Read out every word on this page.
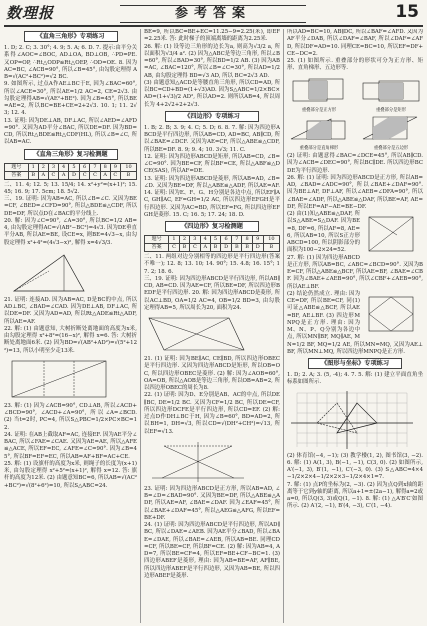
数理报	参考答案	15
《直角三角形》专项练习
1. D; 2. C; 3. 30°; 4. 9; 5. A; 6. D. 7. 提示:由平分关系得∠AOC=∠BOC, AD⊥OA, BD⊥OB, ∴PD=PE. 又OP=OP, ∴Rt△ODP≌Rt△OEP, ∴OD=OE. 8. 因为 AC=BC, ∠ACB=90°, 所以∠B=45°, 由勾股定理得 AB=√(AC²+BC²)=√2 BC.
9. 如图所示, 过点A作AE⊥BC于E, 因为∠BAC=60°, 所以∠ACE=30°, 所以AE=1/2 AC=2, CE=2√3. 由勾股定理得AB=√(AE²+BE²). 因为∠B=45°, 所以BE=AE=2, 所以BC=BE+CE=2+2√3. 10. 1; 11. 2√3; 12. 4.
13. 证明: 因为DE⊥AB, DF⊥AC, 所以∠AED=∠AFD=90°. 又因为AD平分∠BAC, 所以DE=DF. 因为BD=CD, 所以Rt△BDE≌Rt△CDF(HL), 所以∠B=∠C, 所以AB=AC.
《直角三角形》复习检测题
题号	1	2	3	4	5	6	7	8	9	10
答案	B	A	C	A	D	C	C	A	C	B
二、11. 4; 12. 5; 13. 15/4; 14. x²+y²=(x+1)²; 15. 45; 16. 9; 17. 5cm; 18. 5√2.
三、19. 证明: 因为AB=AC, 所以∠B=∠C. 又因为BE=CF, ∠BED=∠CFD=90°, 所以△BDE≌△CDF, 所以DE=DF, 所以点D在∠BAC的平分线上.
20. 解: 因为∠C=90°, ∠A=30°, 所以BC=1/2 AB=4, 由勾股定理得AC=√(AB²−BC²)=4√3. 因为DE垂直平分AB, 所以AE=BE, 设CE=x, 则BE=4√3−x, 由勾股定理得 x²+4²=(4√3−x)², 解得 x=4√3/3.
21. 证明: 连接AD. 因为AB=AC, D是BC的中点, 所以AD⊥BC, ∠BAD=∠CAD. 因为DE⊥AB, DF⊥AC, 所以DE=DF. 又因为AD=AD, 所以Rt△ADE≌Rt△ADF, 所以AE=AF.
22. 解: (1) 由题意知, 大树折断处离地面的高度为x米, 由勾股定理得 x²+8²=(16−x)², 解得 x=6. 答: 大树折断处离地面6米. (2) 因为BD=√(AB²+AD²)=√(5²+12²)=13, 所以小明至少走13米.
23. 解: (1) 因为∠ACB=90°, CD⊥AB, 所以∠ACD+∠BCD=90°, ∠ACD+∠A=90°, 所以∠A=∠BCD. (2) 当t=2时, PC=4, 所以S△PBC=1/2×PC×BC=12.
24. 证明: 在AB上截取AF=AC, 连接EF. 因为AE平分∠BAC, 所以∠FAE=∠CAE. 又因为AE=AE, 所以△AFE≌△ACE, 所以EF=EC, ∠AFE=∠C=90°. 因为∠B=45°, 所以BF=EF=EC, 所以AB=AF+BF=AC+CE.
25. 解: (1) 设旗杆的高度为x米, 则绳子的长度为(x+1)米, 由勾股定理得 x²+5²=(x+1)², 解得 x=12. 答: 旗杆的高度为12米. (2) 由题意知BC=6, 所以AB=√(AC²+BC²)=√(8²+6²)=10, 所以S△ABC=24.
BE=9, 所以BC=BE+EC=11.25−9=2.25(米), 即EF=2.25米. 答: 此时梯子的顶端离墙的距离为2.25米.
26. 解: (1) 设等边三角形的边长为a, 则高为√3/2 a, 所以面积为√3/4 a². (2) 因为△ABC是等边三角形, 所以∠B=60°, 所以∠BAD=30°, 所以BD=1/2 AB. (3) 因为AB=AC, ∠BAC=120°, 所以∠B=∠C=30°, 所以AD=1/2 AB, 由勾股定理得 BD=√3 AD, 所以 BC=2√3 AD.
(3) 由题意知△ACD是等腰直角三角形, 所以CD=AD, 所以BC=CD+BD=(1+√3)AD. 因为S△ABC=1/2×BC×AD=(1+√3)/2 AD², 所以AD=2. 则所以AB=4, 所以周长为 4+2√2+2+2√3.
《四边形》专项练习
1. B; 2. B; 3. 9; 4. C; 5. D; 6. 8. 7. 解: 因为四边形ABCD是平行四边形, 所以AB=CD, AD=BC, AB∥CD, 所以∠BAE=∠DCF. 又因为AE=CF, 所以△ABE≌△CDF, 所以BE=DF. 8. 9; 9. 4; 10. 3√3; 11. C.
12. 证明: 因为四边形ABCD是矩形, 所以AB=CD, ∠B=∠C=90°. 因为BE=CF, 所以BF=CE, 所以△ABF≌△DCE(SAS), 所以AF=DE.
13. 证明: 因为四边形ABCD是菱形, 所以AB=AD, ∠B=∠D. 又因为BE=DF, 所以△ABE≌△ADF, 所以AE=AF. 14. 证明: 因为E、F、G、H分别是各边中点, 所以EF∥AC, GH∥AC, EF=GH=1/2 AC, 所以四边形EFGH是平行四边形. 又因为AC=BD, 所以EF=FG, 所以四边形EFGH是菱形. 15. C; 16. 5; 17. 24; 18. D.
《四边形》复习检测题
题号	1	2	3	4	5	6	7	8	9	10
答案	C	B	C	A	B	D	B	B	D	B
二、11. 两组对边分别相等的四边形是平行四边形(答案不唯一); 12. 8; 13. 10; 14. 90°; 15. 4.8; 16. 15°; 17. 2; 18. 6.
三、19. 证明: 因为四边形ABCD是平行四边形, 所以AB∥CD, AB=CD. 因为AE=CF, 所以BE=DF, 所以四边形BEDF是平行四边形. 20. 解: 因为四边形ABCD是菱形, 所以AC⊥BD, OA=1/2 AC=4, OB=1/2 BD=3, 由勾股定理得AB=5, 所以周长为20, 面积为24.
21. (1) 证明: 因为BE∥AC, CE∥BD, 所以四边形OBEC是平行四边形. 又因为四边形ABCD是矩形, 所以OB=OC, 所以四边形OBEC是菱形. (2) 解: 因为∠AOB=60°, OA=OB, 所以△AOB是等边三角形, 所以OB=AB=2, 所以四边形OBEC的周长为8.
22. (1) 证明: 因为D、E分别是AB、AC的中点, 所以DE∥BC, DE=1/2 BC. 又因为CF=1/2 BC, 所以DE=CF, 所以四边形DCFE是平行四边形, 所以CD=EF. (2) 解: 过点D作DH⊥BC于H, 因为∠B=60°, BD=AD=2, 所以BH=1, DH=√3, 所以CD=√(DH²+CH²)=√13, 所以EF=√13.
23. 证明: 因为四边形ABCD是正方形, 所以AB=AD, ∠B=∠D=∠BAD=90°. 又因为BE=DF, 所以△ABE≌△ADF, 所以AE=AF, ∠BAE=∠DAF. 因为∠EAF=45°, 所以∠BAE+∠DAF=45°, 所以△AEG≌△AFG, 所以EF=BE+DF.
24. (1) 证明: 因为四边形ABCD是平行四边形, 所以AD∥BC, 所以∠DAE=∠AEB. 因为AE平分∠BAD, 所以∠BAE=∠DAE, 所以∠BAE=∠AEB, 所以AB=BE. 同理CD=CF, 所以BE=CF, 所以BF=CE. (2) 解: 因为AB=4, AD=7, 所以BE=CF=4, 所以EF=BE+CF−BC=1. (3) 四边形ABEF是菱形, 理由: 因为AB=BE=AF, AF∥BE, 所以四边形ABEF是平行四边形, 又因为AB=BE, 所以四边形ABEF是菱形.
所以AD=BC=10, AB∥DC, 所以∠BAF=∠AFD. 又因为AF平分∠DAB, 所以∠DAF=∠BAF, 所以∠DAF=∠AFD, 所以DF=AD=10. 同理CE=BC=10, 所以EF=DF+CE−DC=2.
25. (1) 如图所示. 重叠部分的形状可分为正方形、矩形、直角梯形、五边形等.
重叠部分是正方形	重叠部分是矩形
重叠部分是直角梯形	重叠部分是五边形
(2) 证明: 由题意得∠BAC=∠DCE=45°, 所以AB∥CD. 因为∠ACB=∠DEC=90°, 所以BC∥DE. 所以四边形BCDE为平行四边形.
26. 解: (1) 证明: 因为四边形ABCD是正方形, 所以AB=AD, ∠BAD=∠ADC=90°, 所以∠BAE+∠DAF=90°. 因为BE⊥AF, DF⊥AF, 所以∠AEB=∠DFA=90°, 所以∠BAE=∠ADF, 所以△ABE≌△DAF, 所以BE=AF, AE=DF, 所以EF=AF−AE=BE−DF.
(2) 由(1)知△ABE≌△DAF, 所以S△ABE=S△DAF. 因为BE=8, DF=6, 所以AF=8, AE=6, 所以AB=10, 所以S正方形ABCD=100, 所以阴影部分的面积为100−2×24=52.
27. 解: (1) 因为四边形ABCD是正方形, 所以AB=BC, ∠ABC=∠BCD=90°. 又因为BE=CF, 所以△ABE≌△BCF, 所以AE=BF, ∠BAE=∠CBF. 因为∠BAE+∠AEB=90°, 所以∠CBF+∠AEB=90°, 所以AE⊥BF.
(2) 结论仍然成立. 理由: 因为CE=DF, 所以BE=CF, 同(1)可证△ABE≌△BCF, 所以AE=BF, AE⊥BF. (3) 四边形MNPQ是正方形. 理由: 因为M、N、P、Q分别为各边中点, 所以MN∥BF, MQ∥AE, MN=1/2 BF, MQ=1/2 AE, 所以MN=MQ, 又因为AE⊥BF, 所以MN⊥MQ, 所以四边形MNPQ是正方形.
《图形与坐标》专项练习
1. D; 2. A; 3. (5, -4); 4. 7. 5. 解: (1) 建立平面直角坐标系如图所示.
(2) 体育馆(−4, −1); (3) 教学楼(1, 2), 图书馆(3, −2). 6. 解: (1) A(1, 3), B(−1, −1), C(3, 0). (2) 如图所示, A′(−1, 3), B′(1, −1), C′(−3, 0). (3) S△ABC=4×4−1/2×2×4−1/2×2×3−1/2×4×1=7.
7. 解: (1) 点P的坐标为(2, −3). (2) 因为点Q到x轴的距离等于它到y轴的距离, 所以a+1=±(2a−1), 解得a=2或a=0, 所以Q(3, 3)或Q(1, −1). 8. 解: (1) △A′B′C′如图所示. (2) A′(2, −1), B′(4, −3), C′(1, −4).
